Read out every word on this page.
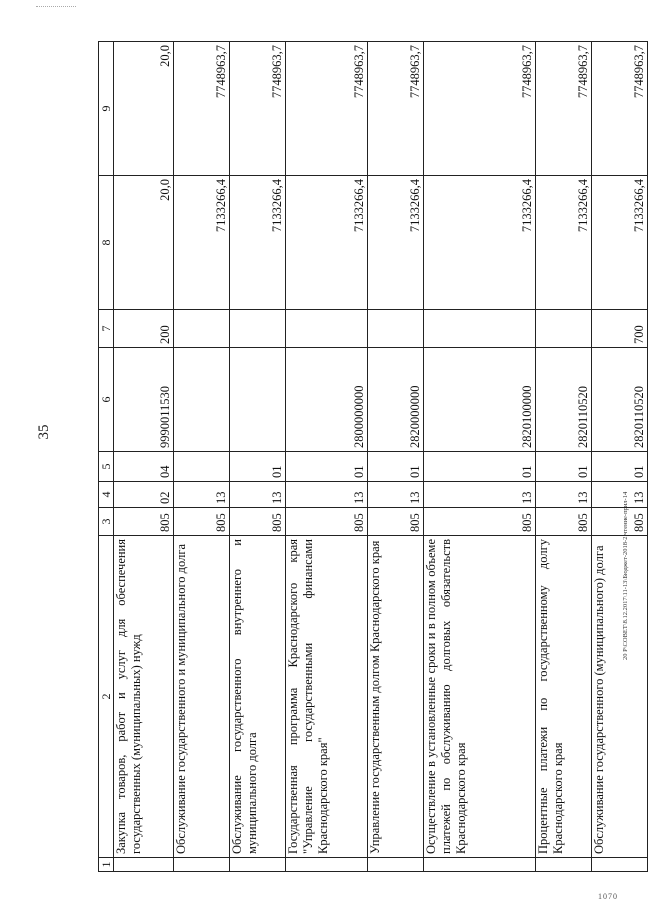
35
20 Р\СОВЕТ\8.12.2017\11-13\Бюджет-2018-2 чтение-прил-14
1070
1	2	3	4	5	6	7	8	9
	Закупка товаров, работ и услуг для обеспечения государственных (муниципальных) нужд	805	02	04	9990011530	200	20,0	20,0
	Обслуживание государственного и муниципального долга	805	13				7133266,4	7748963,7
	Обслуживание государственного внутреннего и муниципального долга	805	13	01			7133266,4	7748963,7
	Государственная программа Краснодарского края "Управление государственными финансами Краснодарского края"	805	13	01	2800000000		7133266,4	7748963,7
	Управление государственным долгом Краснодарского края	805	13	01	2820000000		7133266,4	7748963,7
	Осуществление в установленные сроки и в полном объеме платежей по обслуживанию долговых обязательств Краснодарского края	805	13	01	2820100000		7133266,4	7748963,7
	Процентные платежи по государственному долгу Краснодарского края	805	13	01	2820110520		7133266,4	7748963,7
	Обслуживание государственного (муниципального) долга	805	13	01	2820110520	700	7133266,4	7748963,7
